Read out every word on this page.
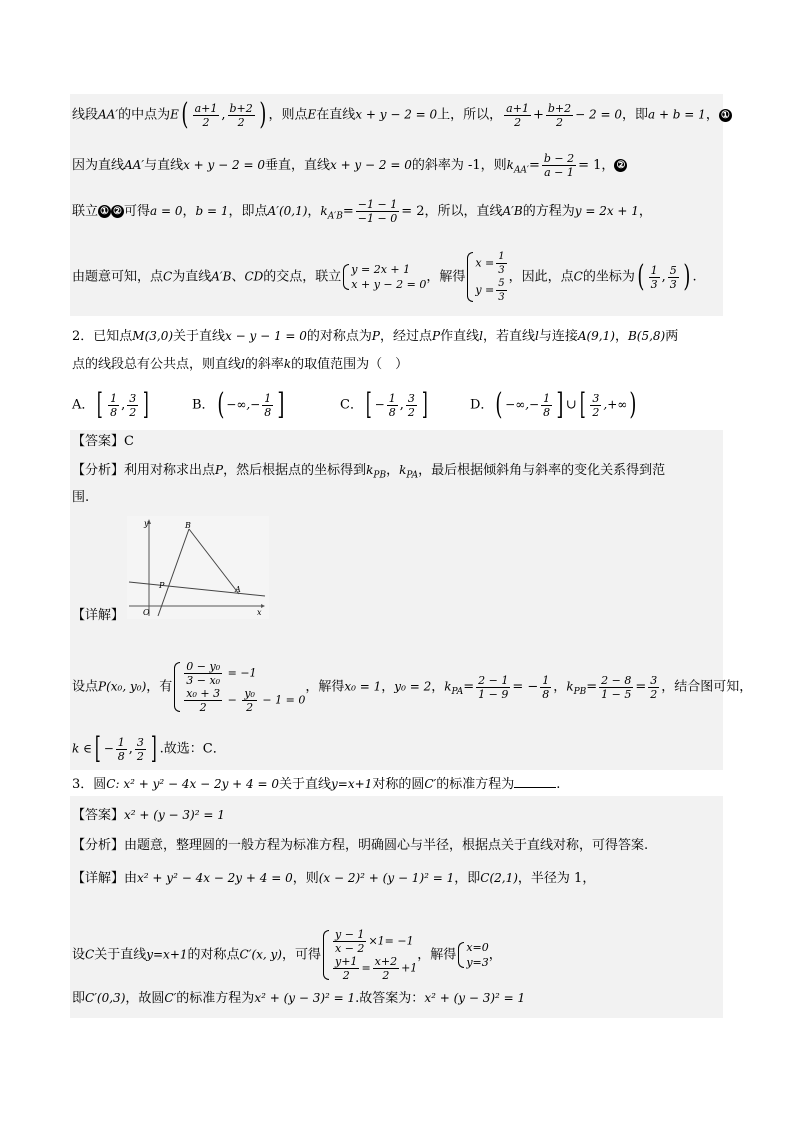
线段AA′的中点为$E( \frac{a+1}{2}$ , $\frac{b+2}{2}$ ) ，则点E在直线x + y − 2 = 0上，所以， $\frac{a+1}{2} + \frac{b+2}{2} - 2 = 0$，即a + b = 1， ①
因为直线AA′与直线x + y − 2 = 0垂直，直线x + y − 2 = 0的斜率为 -1，则$k_{AA'}= \frac{b - 2}{a - 1} = 1$， ②
联立 ① ② 可得a = 0，b = 1，即点A′(0,1)，$k_{A'B}= \frac{-1 - 1}{-1 - 0} = 2$，所以，直线A′B的方程为y = 2x + 1，
由题意可知，点C为直线A′B、CD的交点，联立 y = 2x + 1
x + y − 2 = 0 ，解得
$x = \frac{1}{3}$
$y = \frac{5}{3}$ ，因此，点C的坐标为( $\frac{1}{3}$ , $\frac{5}{3}$ ) .
2．已知点M(3,0)关于直线x − y − 1 = 0的对称点为P，经过点P作直线l，若直线l与连接A(9,1)，B(5,8)两
点的线段总有公共点，则直线l的斜率k的取值范围为（　）
A．[ $\frac{1}{8}$ , $\frac{3}{2}$ ]	B．( −∞,− $\frac{1}{8}$ ]	C．[ − $\frac{1}{8}$ , $\frac{3}{2}$ ]	D．( −∞,− $\frac{1}{8}$ ] ∪[ $\frac{3}{2}$ ,+∞)
【答案】C
【分析】利用对称求出点P，然后根据点的坐标得到$k_{PB}$，$k_{PA}$，最后根据倾斜角与斜率的变化关系得到范
围.
y
x
O
B
P	A
【详解】
设点P(x₀, y₀)，有 $\frac{\text{0 − y₀}}{\text{3 − x₀}} = -1$
$\frac{\text{x₀ + 3}}{2} - \frac{\text{y₀}}{2} - 1 = 0$
，解得x₀ = 1，y₀ = 2，$k_{PA}= \frac{2 - 1}{1 - 9}$ = − $\frac{1}{8}$ ，$k_{PB}= \frac{2 - 8}{1 - 5} = \frac{3}{2}$ ，结合图可知，
k ∈[ − $\frac{1}{8}$ , $\frac{3}{2}$ ] .故选：C．
3．圆C: x² + y² − 4x − 2y + 4 = 0关于直线y=x+1对称的圆C′的标准方程为	.
【答案】x² + (y − 3)² = 1
【分析】由题意，整理圆的一般方程为标准方程，明确圆心与半径，根据点关于直线对称，可得答案.
【详解】由x² + y² − 4x − 2y + 4 = 0，则(x − 2)² + (y − 1)² = 1，即C(2,1)，半径为 1，
设C关于直线y=x+1的对称点C′(x, y)，可得 $\frac{y - 1}{x - 2} \times 1= -1$
$\frac{y+1}{2} = \frac{x+2}{2} +1$
，解得 x=0
y=3 ，
即C′(0,3)，故圆C′的标准方程为x² + (y − 3)² = 1.故答案为：x² + (y − 3)² = 1
